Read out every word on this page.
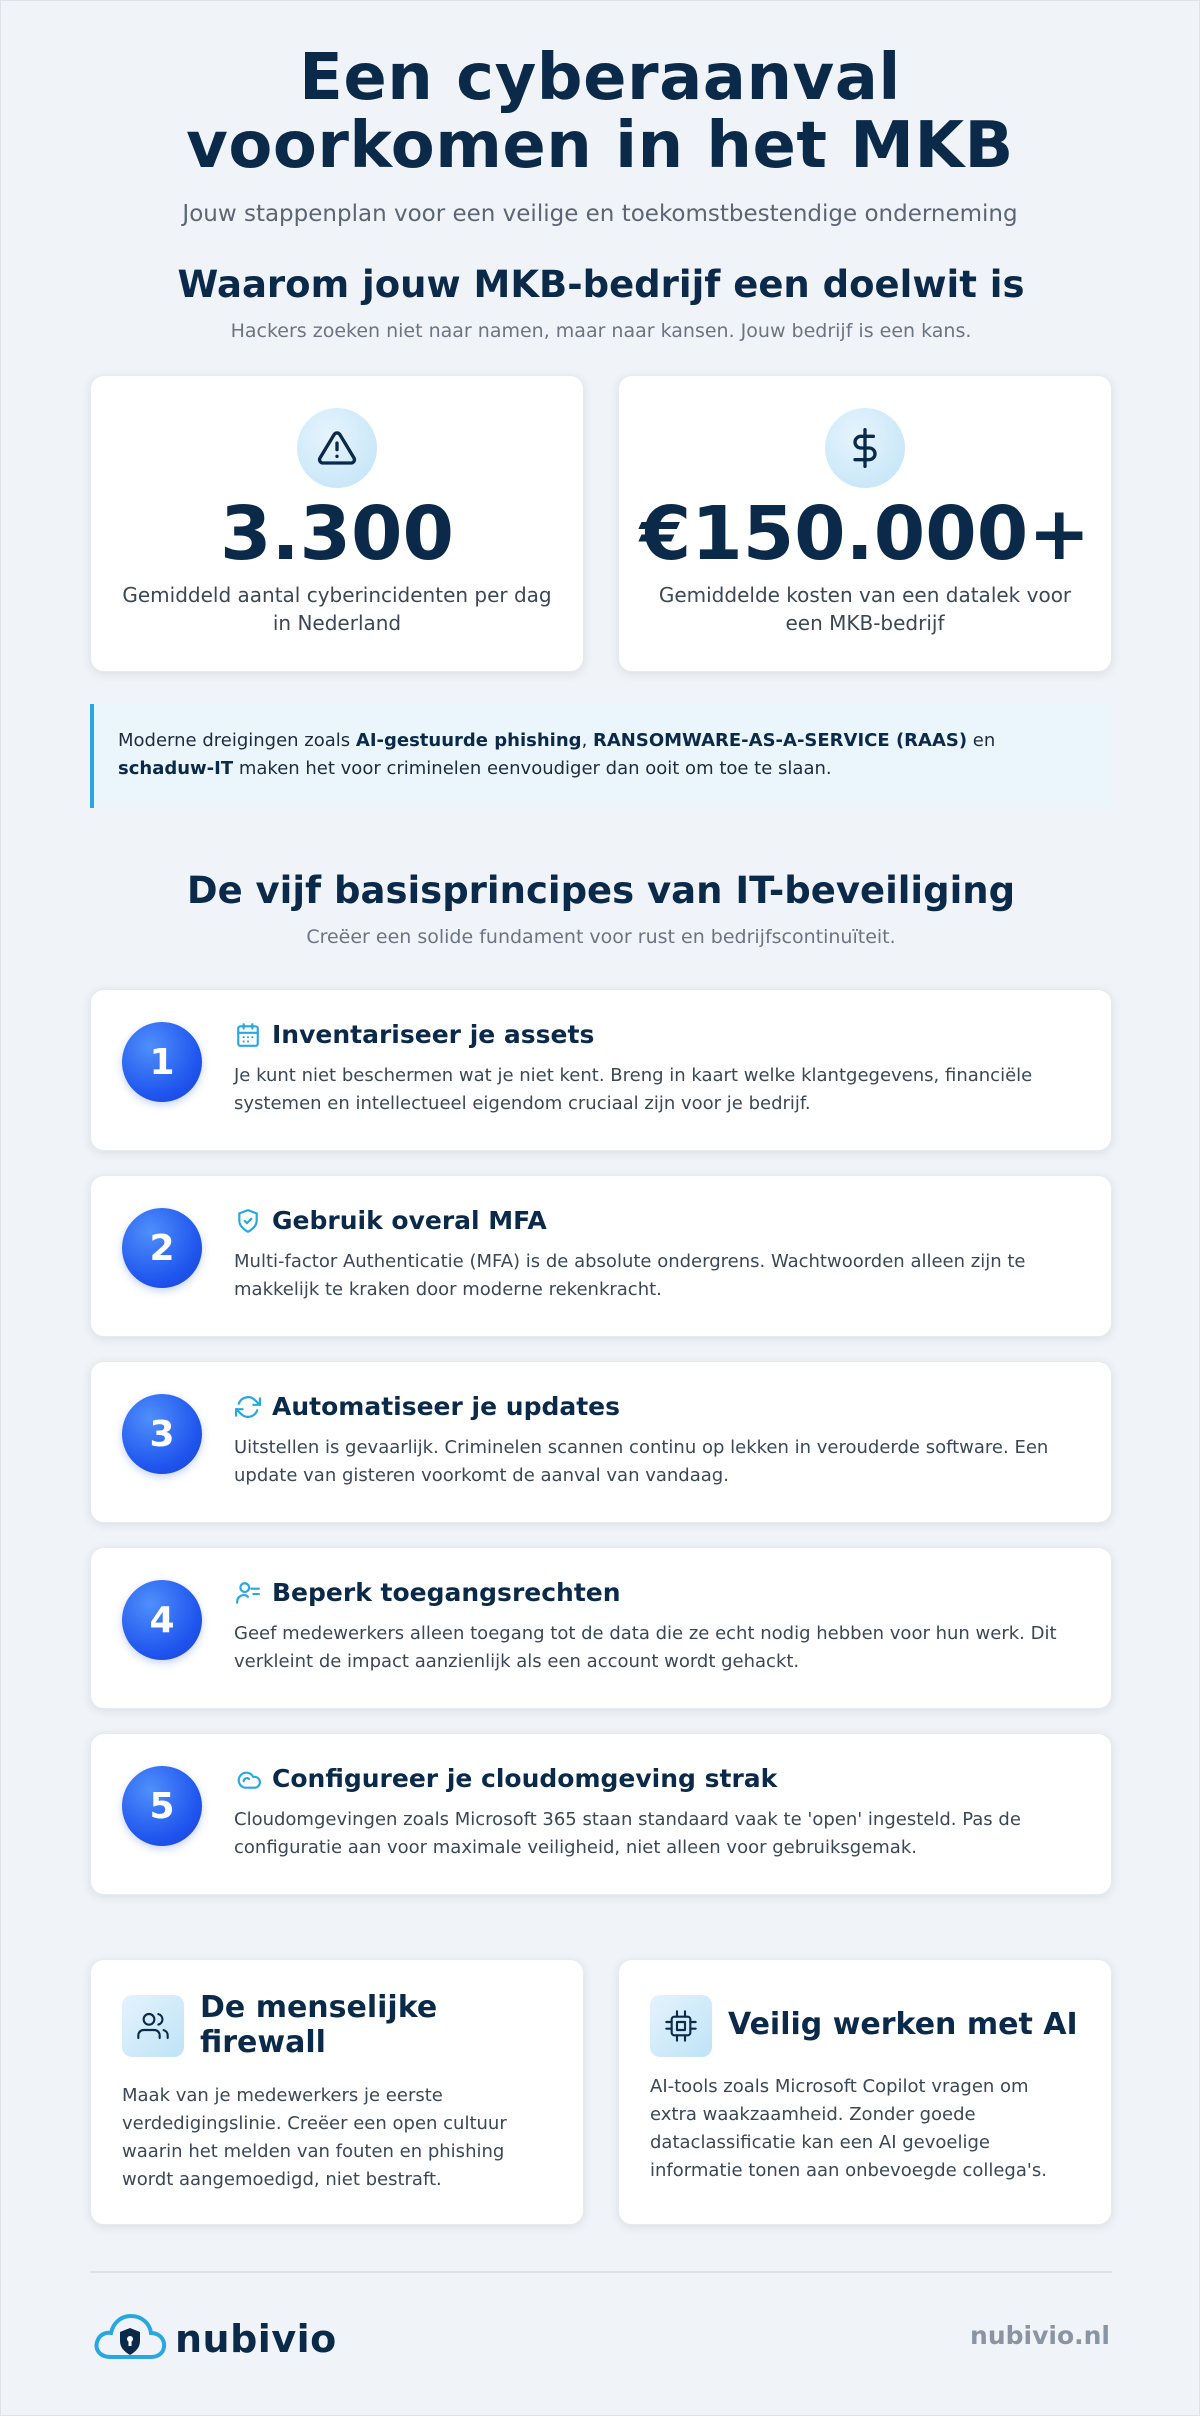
Een cyberaanval voorkomen in het MKB

Jouw stappenplan voor een veilige en toekomstbestendige onderneming

Waarom jouw MKB-bedrijf een doelwit is

Hackers zoeken niet naar namen, maar naar kansen. Jouw bedrijf is een kans.

3.300
Gemiddeld aantal cyberincidenten per dag in Nederland
€150.000+
Gemiddelde kosten van een datalek voor een MKB-bedrijf
Moderne dreigingen zoals AI-gestuurde phishing, RANSOMWARE-AS-A-SERVICE (RAAS) en schaduw-IT maken het voor criminelen eenvoudiger dan ooit om toe te slaan.
De vijf basisprincipes van IT-beveiliging

Creëer een solide fundament voor rust en bedrijfscontinuïteit.

1
Inventariseer je assets

Je kunt niet beschermen wat je niet kent. Breng in kaart welke klantgegevens, financiële systemen en intellectueel eigendom cruciaal zijn voor je bedrijf.

2
Gebruik overal MFA

Multi-factor Authenticatie (MFA) is de absolute ondergrens. Wachtwoorden alleen zijn te makkelijk te kraken door moderne rekenkracht.

3
Automatiseer je updates

Uitstellen is gevaarlijk. Criminelen scannen continu op lekken in verouderde software. Een update van gisteren voorkomt de aanval van vandaag.

4
Beperk toegangsrechten

Geef medewerkers alleen toegang tot de data die ze echt nodig hebben voor hun werk. Dit verkleint de impact aanzienlijk als een account wordt gehackt.

5
Configureer je cloudomgeving strak

Cloudomgevingen zoals Microsoft 365 staan standaard vaak te 'open' ingesteld. Pas de configuratie aan voor maximale veiligheid, niet alleen voor gebruiksgemak.

De menselijke firewall

Maak van je medewerkers je eerste verdedigingslinie. Creëer een open cultuur waarin het melden van fouten en phishing wordt aangemoedigd, niet bestraft.

Veilig werken met AI

AI-tools zoals Microsoft Copilot vragen om extra waakzaamheid. Zonder goede dataclassificatie kan een AI gevoelige informatie tonen aan onbevoegde collega's.

nubivio	nubivio.nl
